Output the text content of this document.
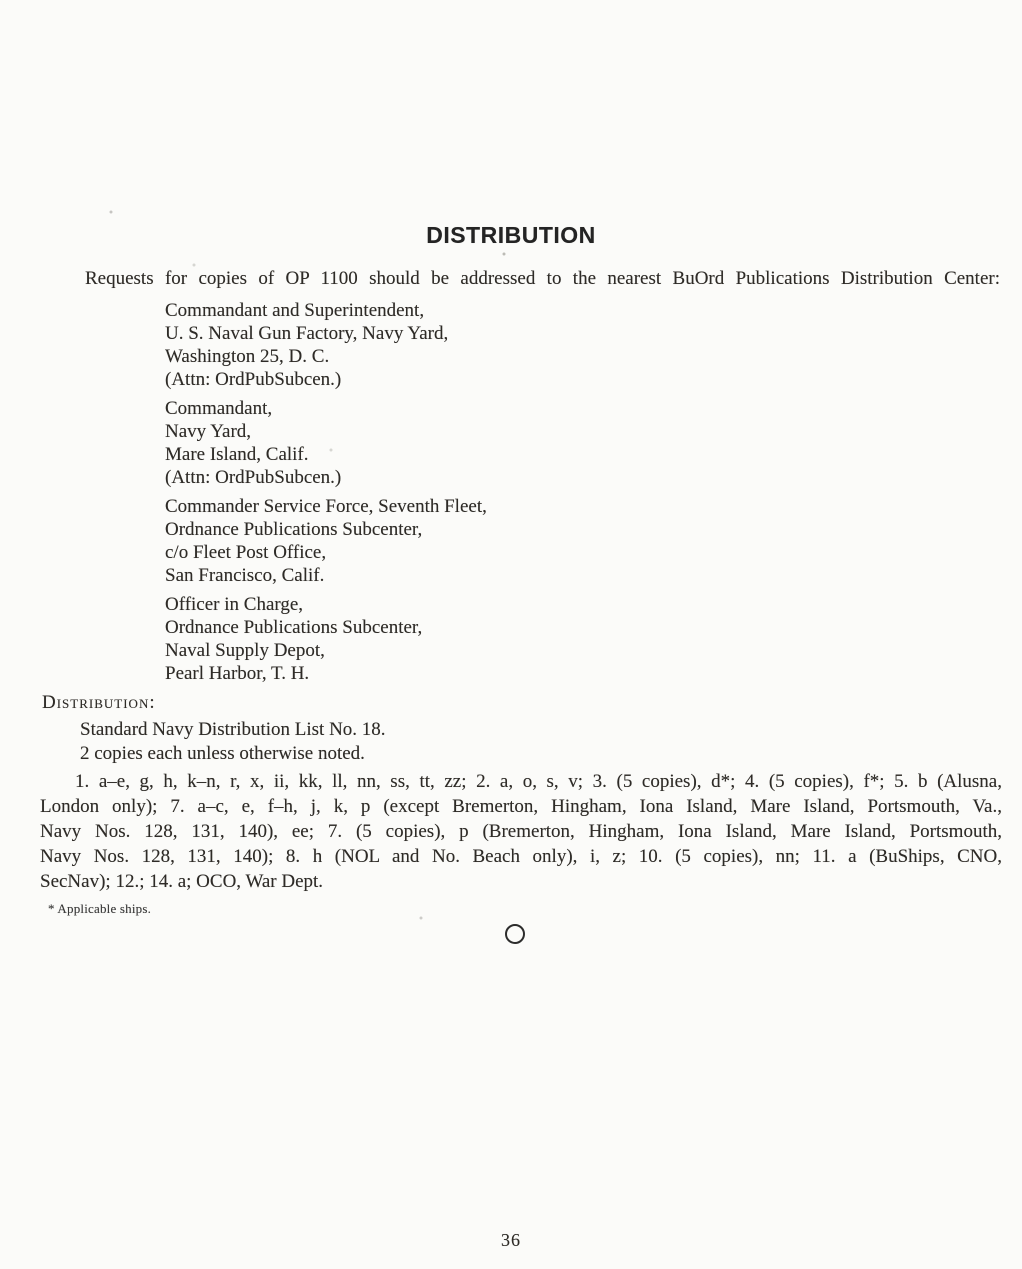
DISTRIBUTION

Requests for copies of OP 1100 should be addressed to the nearest BuOrd Publications Distribution Center:

Commandant and Superintendent,
U. S. Naval Gun Factory, Navy Yard,
Washington 25, D. C.
(Attn: OrdPubSubcen.)
Commandant,
Navy Yard,
Mare Island, Calif.
(Attn: OrdPubSubcen.)
Commander Service Force, Seventh Fleet,
Ordnance Publications Subcenter,
c/o Fleet Post Office,
San Francisco, Calif.
Officer in Charge,
Ordnance Publications Subcenter,
Naval Supply Depot,
Pearl Harbor, T. H.
Distribution:
Standard Navy Distribution List No. 18.
2 copies each unless otherwise noted.
1. a–e, g, h, k–n, r, x, ii, kk, ll, nn, ss, tt, zz; 2. a, o, s, v; 3. (5 copies), d*; 4. (5 copies), f*; 5. b (Alusna,
London only); 7. a–c, e, f–h, j, k, p (except Bremerton, Hingham, Iona Island, Mare Island, Portsmouth, Va.,
Navy Nos. 128, 131, 140), ee; 7. (5 copies), p (Bremerton, Hingham, Iona Island, Mare Island, Portsmouth,
Navy Nos. 128, 131, 140); 8. h (NOL and No. Beach only), i, z; 10. (5 copies), nn; 11. a (BuShips, CNO,
SecNav); 12.; 14. a; OCO, War Dept.
* Applicable ships.
36
